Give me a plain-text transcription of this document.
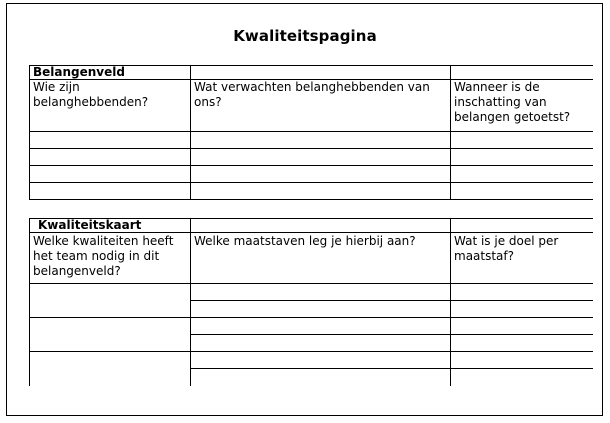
Kwaliteitspagina
Belangenveld		
Wie zijn belanghebbenden?	Wat verwachten belanghebbenden van ons?	Wanneer is de inschatting van belangen getoetst?

Kwaliteitskaart		
Welke kwaliteiten heeft het team nodig in dit belangenveld?	Welke maatstaven leg je hierbij aan?	Wat is je doel per maatstaf?
